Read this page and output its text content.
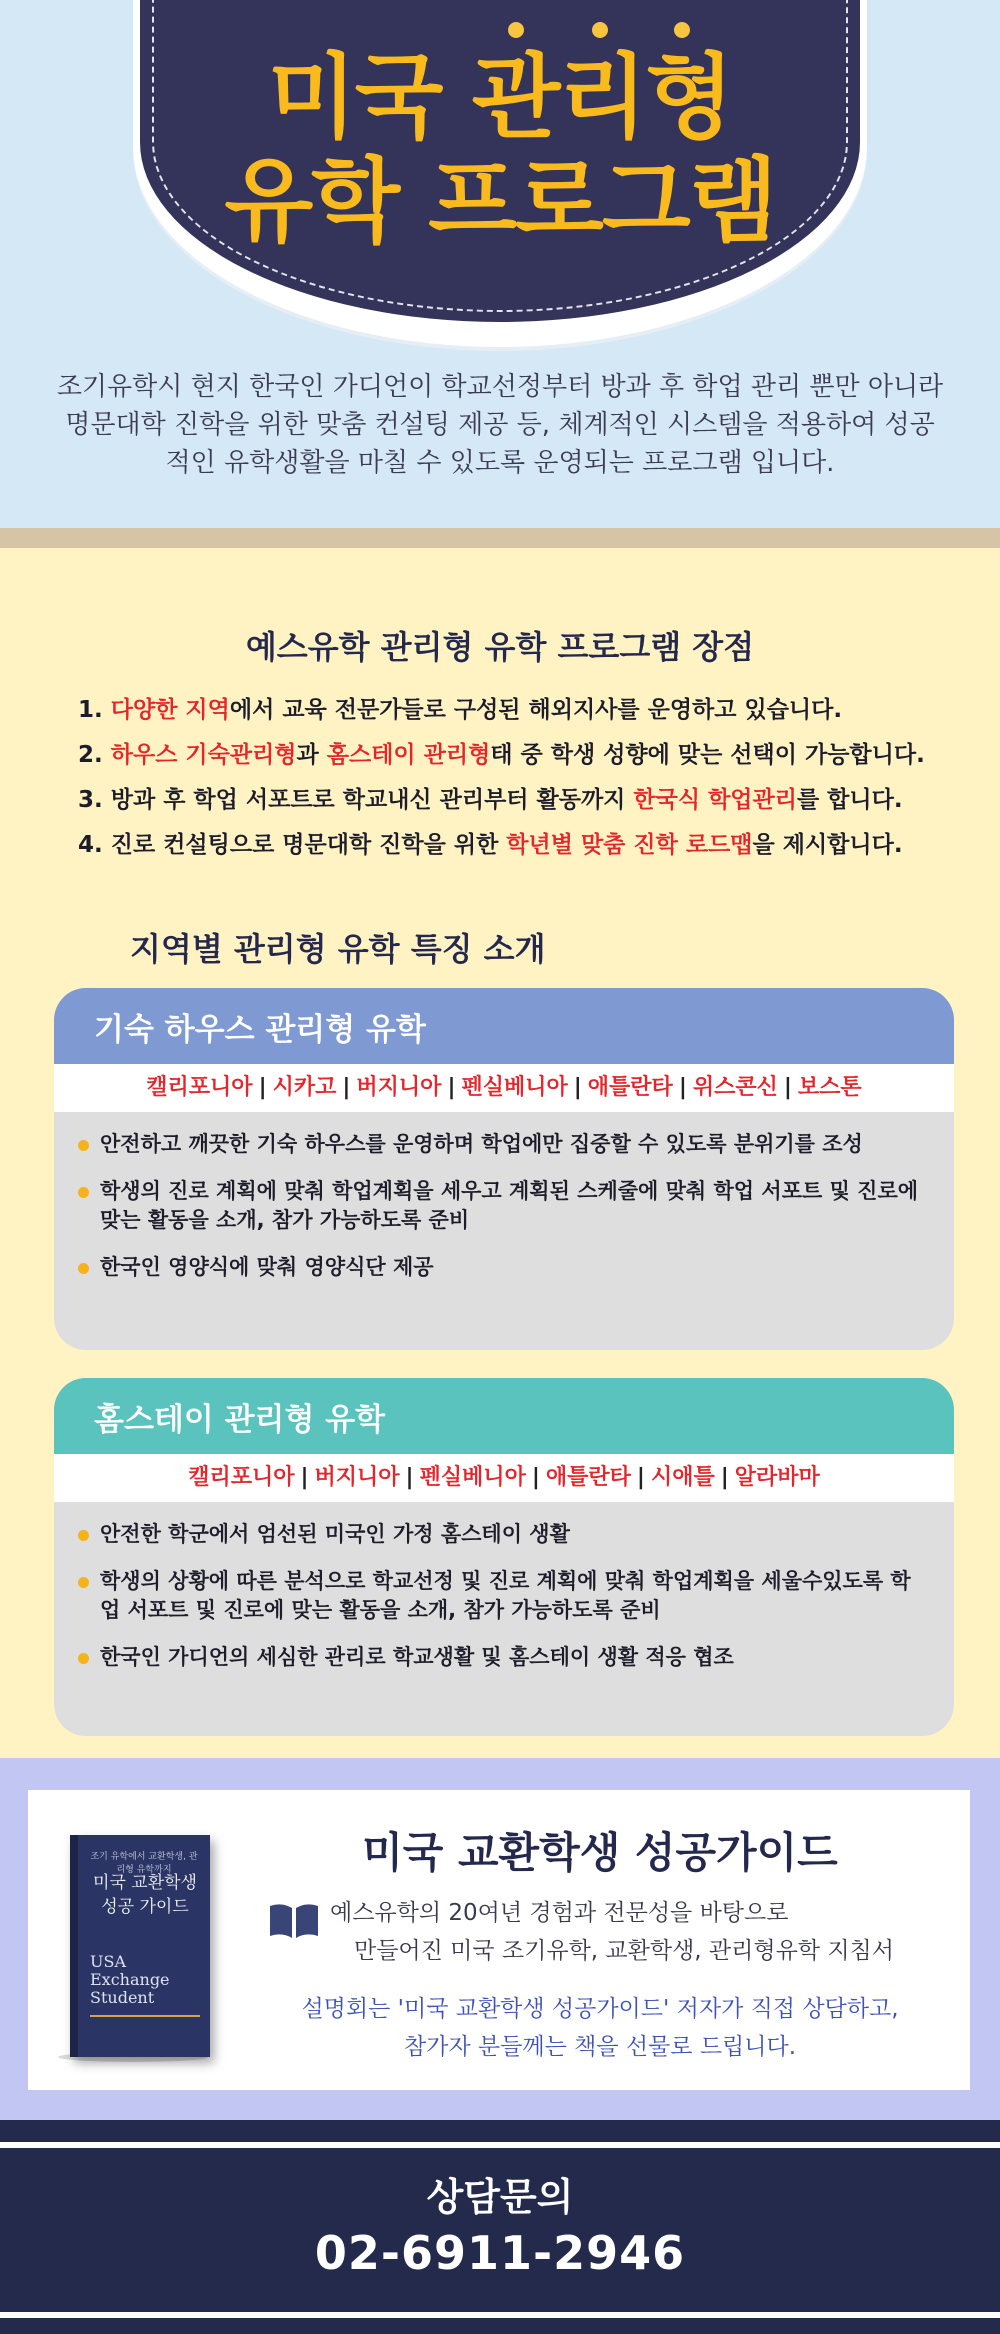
미국 관리형
유학 프로그램
조기유학시 현지 한국인 가디언이 학교선정부터 방과 후 학업 관리 뿐만 아니라
명문대학 진학을 위한 맞춤 컨설팅 제공 등, 체계적인 시스템을 적용하여 성공
적인 유학생활을 마칠 수 있도록 운영되는 프로그램 입니다.
예스유학 관리형 유학 프로그램 장점
1. 다양한 지역에서 교육 전문가들로 구성된 해외지사를 운영하고 있습니다.
2. 하우스 기숙관리형과 홈스테이 관리형태 중 학생 성향에 맞는 선택이 가능합니다.
3. 방과 후 학업 서포트로 학교내신 관리부터 활동까지 한국식 학업관리를 합니다.
4. 진로 컨설팅으로 명문대학 진학을 위한 학년별 맞춤 진학 로드맵을 제시합니다.
지역별 관리형 유학 특징 소개
기숙 하우스 관리형 유학
캘리포니아 | 시카고 | 버지니아 | 펜실베니아 | 애틀란타 | 위스콘신 | 보스톤
안전하고 깨끗한 기숙 하우스를 운영하며 학업에만 집중할 수 있도록 분위기를 조성
학생의 진로 계획에 맞춰 학업계획을 세우고 계획된 스케줄에 맞춰 학업 서포트 및 진로에 맞는 활동을 소개, 참가 가능하도록 준비
한국인 영양식에 맞춰 영양식단 제공
홈스테이 관리형 유학
캘리포니아 | 버지니아 | 펜실베니아 | 애틀란타 | 시애틀 | 알라바마
안전한 학군에서 엄선된 미국인 가정 홈스테이 생활
학생의 상황에 따른 분석으로 학교선정 및 진로 계획에 맞춰 학업계획을 세울수있도록 학업 서포트 및 진로에 맞는 활동을 소개, 참가 가능하도록 준비
한국인 가디언의 세심한 관리로 학교생활 및 홈스테이 생활 적응 협조
조기 유학에서 교환학생, 관리형 유학까지
미국 교환학생
성공 가이드
USA
Exchange
Student
미국 교환학생 성공가이드
예스유학의 20여년 경험과 전문성을 바탕으로
만들어진 미국 조기유학, 교환학생, 관리형유학 지침서
설명회는 '미국 교환학생 성공가이드' 저자가 직접 상담하고,
참가자 분들께는 책을 선물로 드립니다.
상담문의
02-6911-2946
